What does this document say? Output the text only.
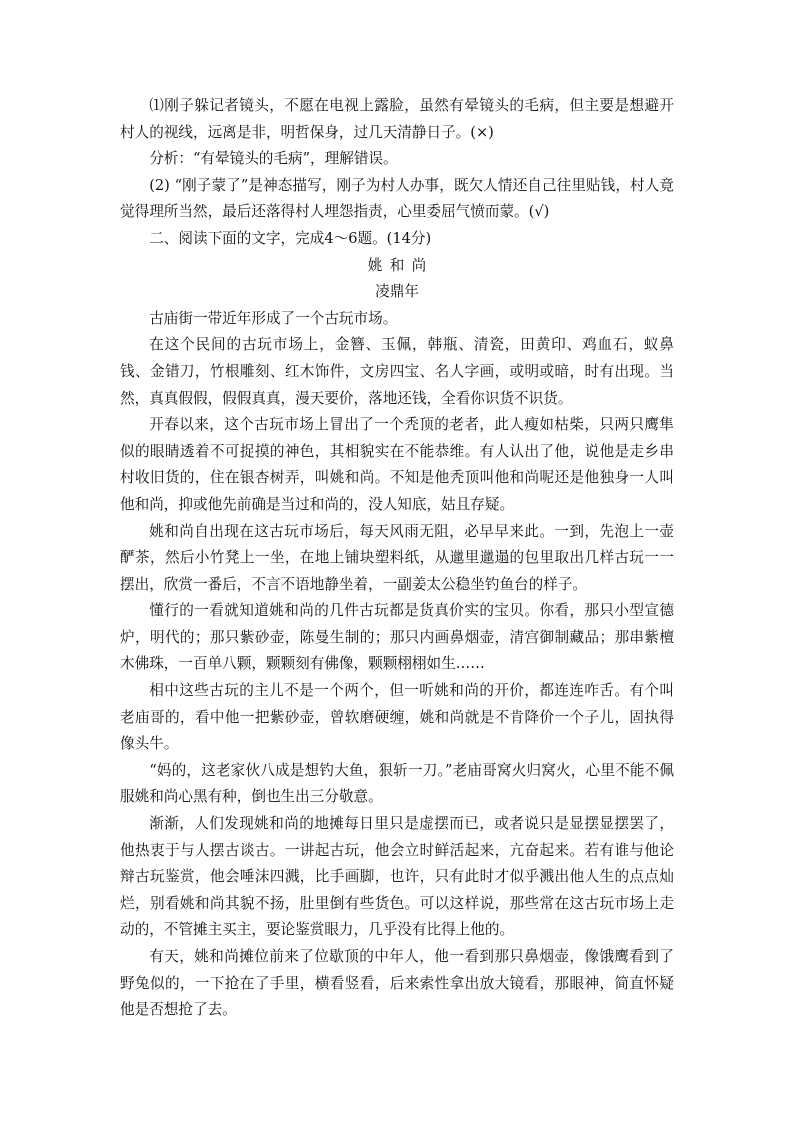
⑴刚子躲记者镜头，不愿在电视上露脸，虽然有晕镜头的毛病，但主要是想避开村人的视线，远离是非，明哲保身，过几天清静日子。(×)

分析：“有晕镜头的毛病”，理解错误。

(2) “刚子蒙了”是神态描写，刚子为村人办事，既欠人情还自己往里贴钱，村人竟觉得理所当然，最后还落得村人埋怨指责，心里委屈气愤而蒙。(√)

二、阅读下面的文字，完成4～6题。(14分)

姚和尚

凌鼎年

古庙街一带近年形成了一个古玩市场。

在这个民间的古玩市场上，金簪、玉佩，韩瓶、清瓷，田黄印、鸡血石，蚁鼻钱、金错刀，竹根雕刻、红木饰件，文房四宝、名人字画，或明或暗，时有出现。当然，真真假假，假假真真，漫天要价，落地还钱，全看你识货不识货。

开春以来，这个古玩市场上冒出了一个秃顶的老者，此人瘦如枯柴，只两只鹰隼似的眼睛透着不可捉摸的神色，其相貌实在不能恭维。有人认出了他，说他是走乡串村收旧货的，住在银杏树弄，叫姚和尚。不知是他秃顶叫他和尚呢还是他独身一人叫他和尚，抑或他先前确是当过和尚的，没人知底，姑且存疑。

姚和尚自出现在这古玩市场后，每天风雨无阻，必早早来此。一到，先泡上一壶酽茶，然后小竹凳上一坐，在地上铺块塑料纸，从邋里邋遢的包里取出几样古玩一一摆出，欣赏一番后，不言不语地静坐着，一副姜太公稳坐钓鱼台的样子。

懂行的一看就知道姚和尚的几件古玩都是货真价实的宝贝。你看，那只小型宣德炉，明代的；那只紫砂壶，陈曼生制的；那只内画鼻烟壶，清宫御制藏品；那串紫檀木佛珠，一百单八颗，颗颗刻有佛像，颗颗栩栩如生……

相中这些古玩的主儿不是一个两个，但一听姚和尚的开价，都连连咋舌。有个叫老庙哥的，看中他一把紫砂壶，曾软磨硬缠，姚和尚就是不肯降价一个子儿，固执得像头牛。

“妈的，这老家伙八成是想钓大鱼，狠斩一刀。”老庙哥窝火归窝火，心里不能不佩服姚和尚心黑有种，倒也生出三分敬意。

渐渐，人们发现姚和尚的地摊每日里只是虚摆而已，或者说只是显摆显摆罢了，他热衷于与人摆古谈古。一讲起古玩，他会立时鲜活起来，亢奋起来。若有谁与他论辩古玩鉴赏，他会唾沫四溅，比手画脚，也许，只有此时才似乎溅出他人生的点点灿烂，别看姚和尚其貌不扬，肚里倒有些货色。可以这样说，那些常在这古玩市场上走动的，不管摊主买主，要论鉴赏眼力，几乎没有比得上他的。

有天，姚和尚摊位前来了位歇顶的中年人，他一看到那只鼻烟壶，像饿鹰看到了野兔似的，一下抢在了手里，横看竖看，后来索性拿出放大镜看，那眼神，简直怀疑他是否想抢了去。
